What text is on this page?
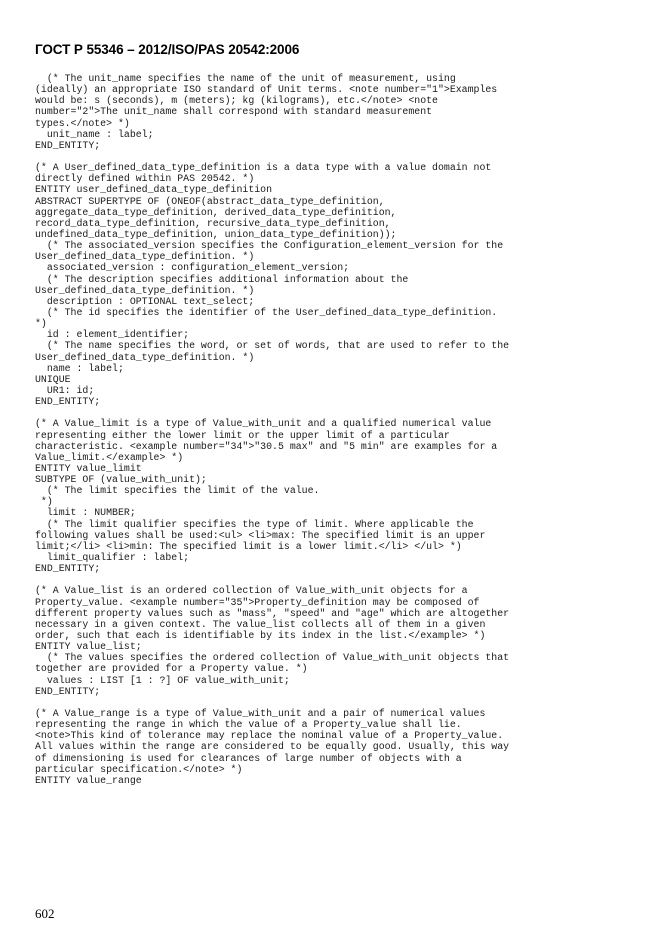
ГОСТ Р 55346 – 2012/ISO/PAS 20542:2006
(* The unit_name specifies the name of the unit of measurement, using
(ideally) an appropriate ISO standard of Unit terms. <note number="1">Examples
would be: s (seconds), m (meters); kg (kilograms), etc.</note> <note
number="2">The unit_name shall correspond with standard measurement
types.</note> *)
unit_name : label;
END_ENTITY;
(* A User_defined_data_type_definition is a data type with a value domain not
directly defined within PAS 20542. *)
ENTITY user_defined_data_type_definition
ABSTRACT SUPERTYPE OF (ONEOF(abstract_data_type_definition,
aggregate_data_type_definition, derived_data_type_definition,
record_data_type_definition, recursive_data_type_definition,
undefined_data_type_definition, union_data_type_definition));
(* The associated_version specifies the Configuration_element_version for the
User_defined_data_type_definition. *)
associated_version : configuration_element_version;
(* The description specifies additional information about the
User_defined_data_type_definition. *)
description : OPTIONAL text_select;
(* The id specifies the identifier of the User_defined_data_type_definition.
*)
id : element_identifier;
(* The name specifies the word, or set of words, that are used to refer to the
User_defined_data_type_definition. *)
name : label;
UNIQUE
UR1: id;
END_ENTITY;
(* A Value_limit is a type of Value_with_unit and a qualified numerical value
representing either the lower limit or the upper limit of a particular
characteristic. <example number="34">"30.5 max" and "5 min" are examples for a
Value_limit.</example> *)
ENTITY value_limit
SUBTYPE OF (value_with_unit);
(* The limit specifies the limit of the value.
*)
limit : NUMBER;
(* The limit qualifier specifies the type of limit. Where applicable the
following values shall be used:<ul> <li>max: The specified limit is an upper
limit;</li> <li>min: The specified limit is a lower limit.</li> </ul> *)
limit_qualifier : label;
END_ENTITY;
(* A Value_list is an ordered collection of Value_with_unit objects for a
Property_value. <example number="35">Property_definition may be composed of
different property values such as "mass", "speed" and "age" which are altogether
necessary in a given context. The value_list collects all of them in a given
order, such that each is identifiable by its index in the list.</example> *)
ENTITY value_list;
(* The values specifies the ordered collection of Value_with_unit objects that
together are provided for a Property value. *)
values : LIST [1 : ?] OF value_with_unit;
END_ENTITY;
(* A Value_range is a type of Value_with_unit and a pair of numerical values
representing the range in which the value of a Property_value shall lie.
<note>This kind of tolerance may replace the nominal value of a Property_value.
All values within the range are considered to be equally good. Usually, this way
of dimensioning is used for clearances of large number of objects with a
particular specification.</note> *)
ENTITY value_range
602
